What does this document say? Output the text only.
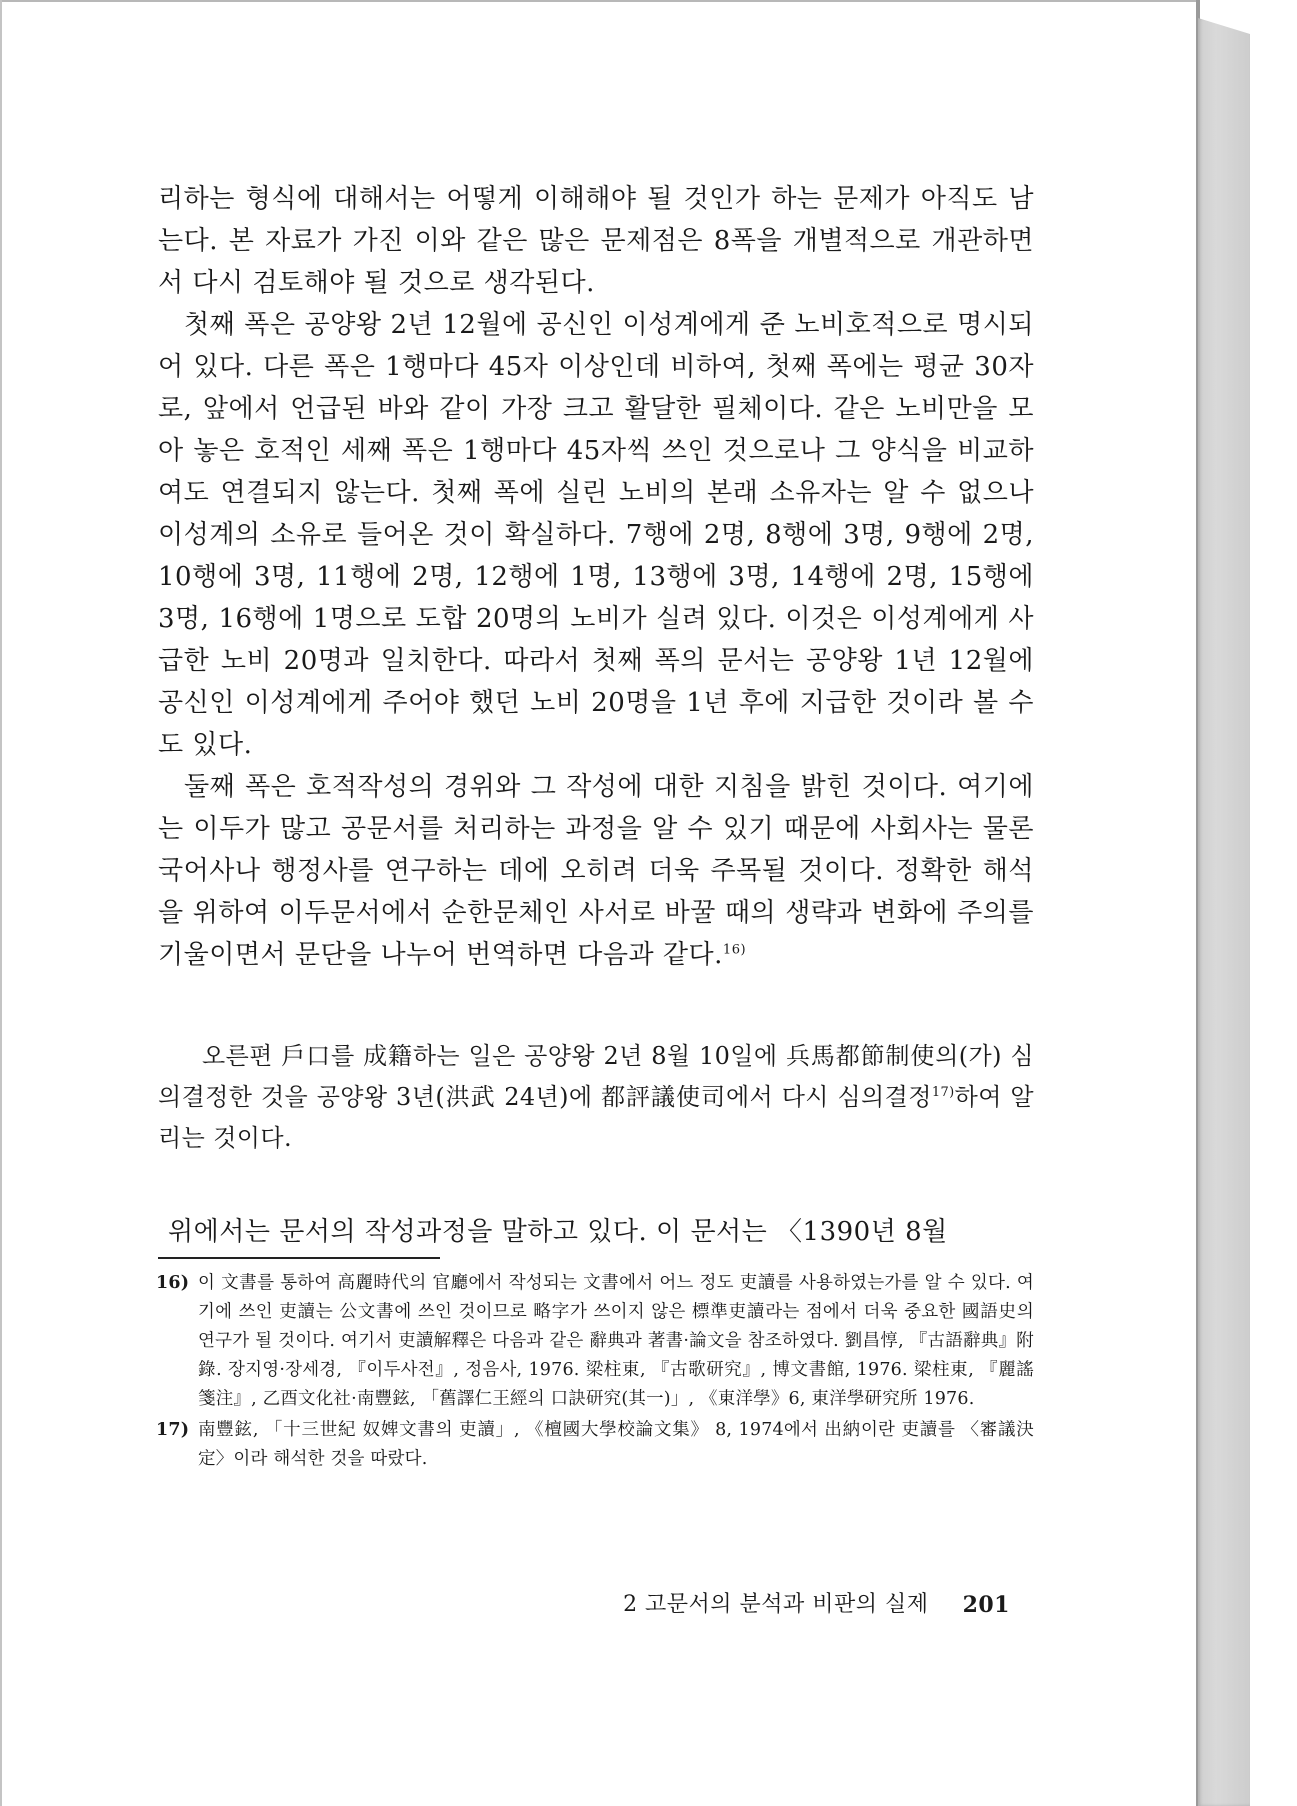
리하는 형식에 대해서는 어떻게 이해해야 될 것인가 하는 문제가 아직도 남는다. 본 자료가 가진 이와 같은 많은 문제점은 8폭을 개별적으로 개관하면서 다시 검토해야 될 것으로 생각된다.

첫째 폭은 공양왕 2년 12월에 공신인 이성계에게 준 노비호적으로 명시되어 있다. 다른 폭은 1행마다 45자 이상인데 비하여, 첫째 폭에는 평균 30자로, 앞에서 언급된 바와 같이 가장 크고 활달한 필체이다. 같은 노비만을 모아 놓은 호적인 세째 폭은 1행마다 45자씩 쓰인 것으로나 그 양식을 비교하여도 연결되지 않는다. 첫째 폭에 실린 노비의 본래 소유자는 알 수 없으나 이성계의 소유로 들어온 것이 확실하다. 7행에 2명, 8행에 3명, 9행에 2명, 10행에 3명, 11행에 2명, 12행에 1명, 13행에 3명, 14행에 2명, 15행에 3명, 16행에 1명으로 도합 20명의 노비가 실려 있다. 이것은 이성계에게 사급한 노비 20명과 일치한다. 따라서 첫째 폭의 문서는 공양왕 1년 12월에 공신인 이성계에게 주어야 했던 노비 20명을 1년 후에 지급한 것이라 볼 수도 있다.

둘째 폭은 호적작성의 경위와 그 작성에 대한 지침을 밝힌 것이다. 여기에는 이두가 많고 공문서를 처리하는 과정을 알 수 있기 때문에 사회사는 물론 국어사나 행정사를 연구하는 데에 오히려 더욱 주목될 것이다. 정확한 해석을 위하여 이두문서에서 순한문체인 사서로 바꿀 때의 생략과 변화에 주의를 기울이면서 문단을 나누어 번역하면 다음과 같다.$^{16)}$

오른편 戶口를 成籍하는 일은 공양왕 2년 8월 10일에 兵馬都節制使의(가) 심의결정한 것을 공양왕 3년(洪武 24년)에 都評議使司에서 다시 심의결정$^{17)}$하여 알리는 것이다.

위에서는 문서의 작성과정을 말하고 있다. 이 문서는 〈1390년 8월

16) 이 文書를 통하여 高麗時代의 官廳에서 작성되는 文書에서 어느 정도 吏讀를 사용하였는가를 알 수 있다. 여기에 쓰인 吏讀는 公文書에 쓰인 것이므로 略字가 쓰이지 않은 標準吏讀라는 점에서 더욱 중요한 國語史의 연구가 될 것이다. 여기서 吏讀解釋은 다음과 같은 辭典과 著書·論文을 참조하였다. 劉昌惇, 『古語辭典』附錄. 장지영·장세경, 『이두사전』, 정음사, 1976. 梁柱東, 『古歌研究』, 博文書館, 1976. 梁柱東, 『麗謠箋注』, 乙酉文化社·南豐鉉, 「舊譯仁王經의 口訣研究(其一)」, 《東洋學》6, 東洋學研究所 1976.
17) 南豐鉉, 「十三世紀 奴婢文書의 吏讀」, 《檀國大學校論文集》 8, 1974에서 出納이란 吏讀를 〈審議決定〉이라 해석한 것을 따랐다.
2 고문서의 분석과 비판의 실제 201
